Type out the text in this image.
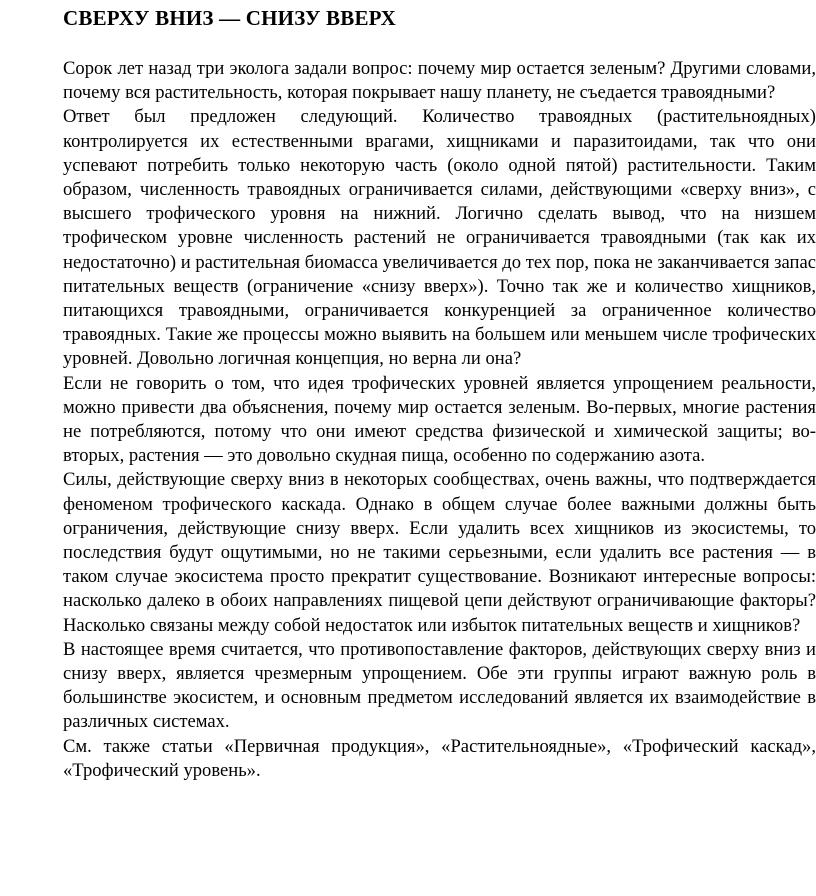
СВЕРХУ ВНИЗ — СНИЗУ ВВЕРХ

Сорок лет назад три эколога задали вопрос: почему мир остается зеленым? Другими словами, почему вся растительность, которая покрывает нашу планету, не съедается травоядными?

Ответ был предложен следующий. Количество травоядных (растительноядных) контролируется их естественными врагами, хищниками и паразитоидами, так что они успевают потребить только некоторую часть (около одной пятой) растительности. Таким образом, численность травоядных ограничивается силами, действующими «сверху вниз», с высшего трофического уровня на нижний. Логично сделать вывод, что на низшем трофическом уровне численность растений не ограничивается травоядными (так как их недостаточно) и растительная биомасса увеличивается до тех пор, пока не заканчивается запас питательных веществ (ограничение «снизу вверх»). Точно так же и количество хищников, питающихся травоядными, ограничивается конкуренцией за ограниченное количество травоядных. Такие же процессы можно выявить на большем или меньшем числе трофических уровней. Довольно логичная концепция, но верна ли она?

Если не говорить о том, что идея трофических уровней является упрощением реальности, можно привести два объяснения, почему мир остается зеленым. Во-первых, многие растения не потребляются, потому что они имеют средства физической и химической защиты; во-вторых, растения — это довольно скудная пища, особенно по содержанию азота.

Силы, действующие сверху вниз в некоторых сообществах, очень важны, что подтверждается феноменом трофического каскада. Однако в общем случае более важными должны быть ограничения, действующие снизу вверх. Если удалить всех хищников из экосистемы, то последствия будут ощутимыми, но не такими серьезными, если удалить все растения — в таком случае экосистема просто прекратит существование. Возникают интересные вопросы: насколько далеко в обоих направлениях пищевой цепи действуют ограничивающие факторы? Насколько связаны между собой недостаток или избыток питательных веществ и хищников?

В настоящее время считается, что противопоставление факторов, действующих сверху вниз и снизу вверх, является чрезмерным упрощением. Обе эти группы играют важную роль в большинстве экосистем, и основным предметом исследований является их взаимодействие в различных системах.

См. также статьи «Первичная продукция», «Растительноядные», «Трофический каскад», «Трофический уровень».
